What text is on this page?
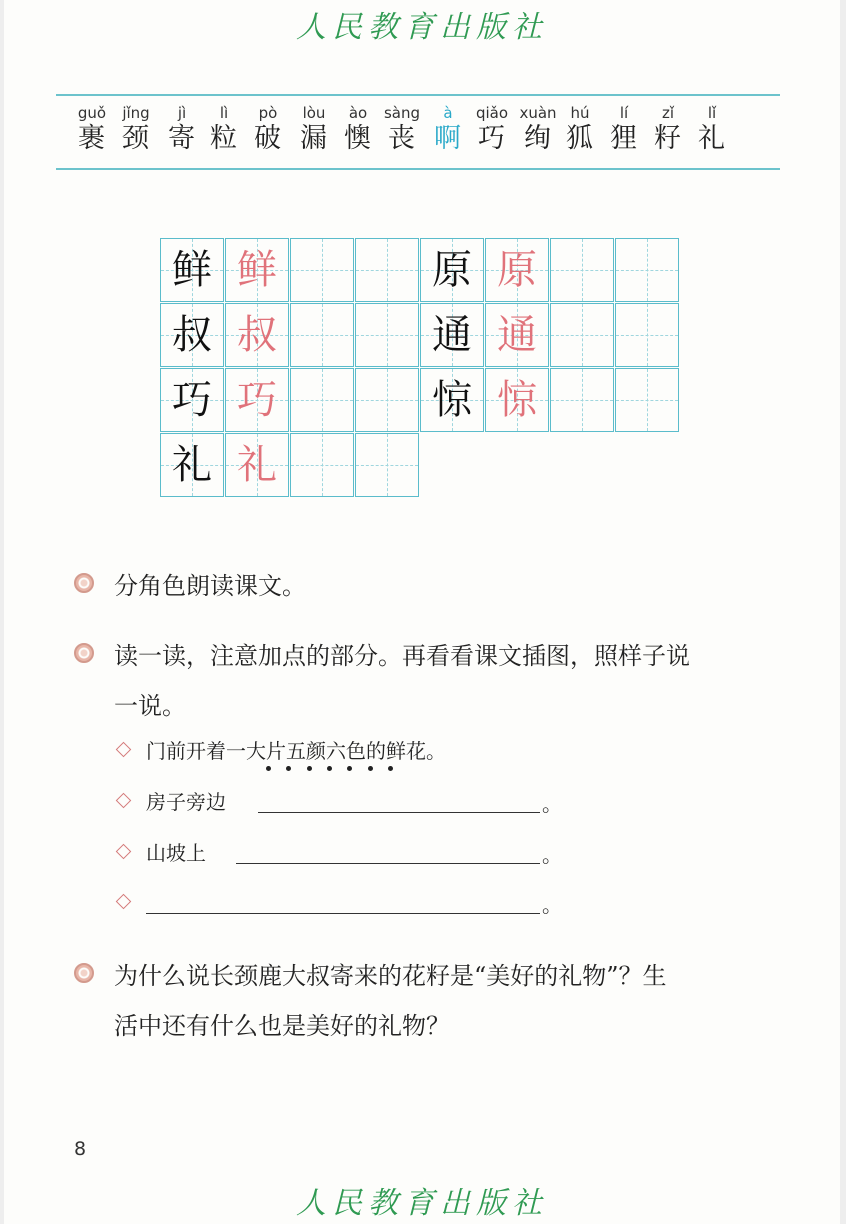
人民教育出版社
guǒ
裹
jǐng
颈
jì
寄
lì
粒
pò
破
lòu
漏
ào
懊
sàng
丧
à
啊
qiǎo
巧
xuàn
绚
hú
狐
lí
狸
zǐ
籽
lǐ
礼
鲜 鲜
叔 叔
巧 巧
礼 礼
原 原
通 通
惊 惊
分角色朗读课文。
读一读，注意加点的部分。再看看课文插图，照样子说
一说。
门前开着一大片五颜六色的鲜花。
房子旁边	。
山坡上	。
。
为什么说长颈鹿大叔寄来的花籽是“美好的礼物”？生
活中还有什么也是美好的礼物？
8
人民教育出版社
